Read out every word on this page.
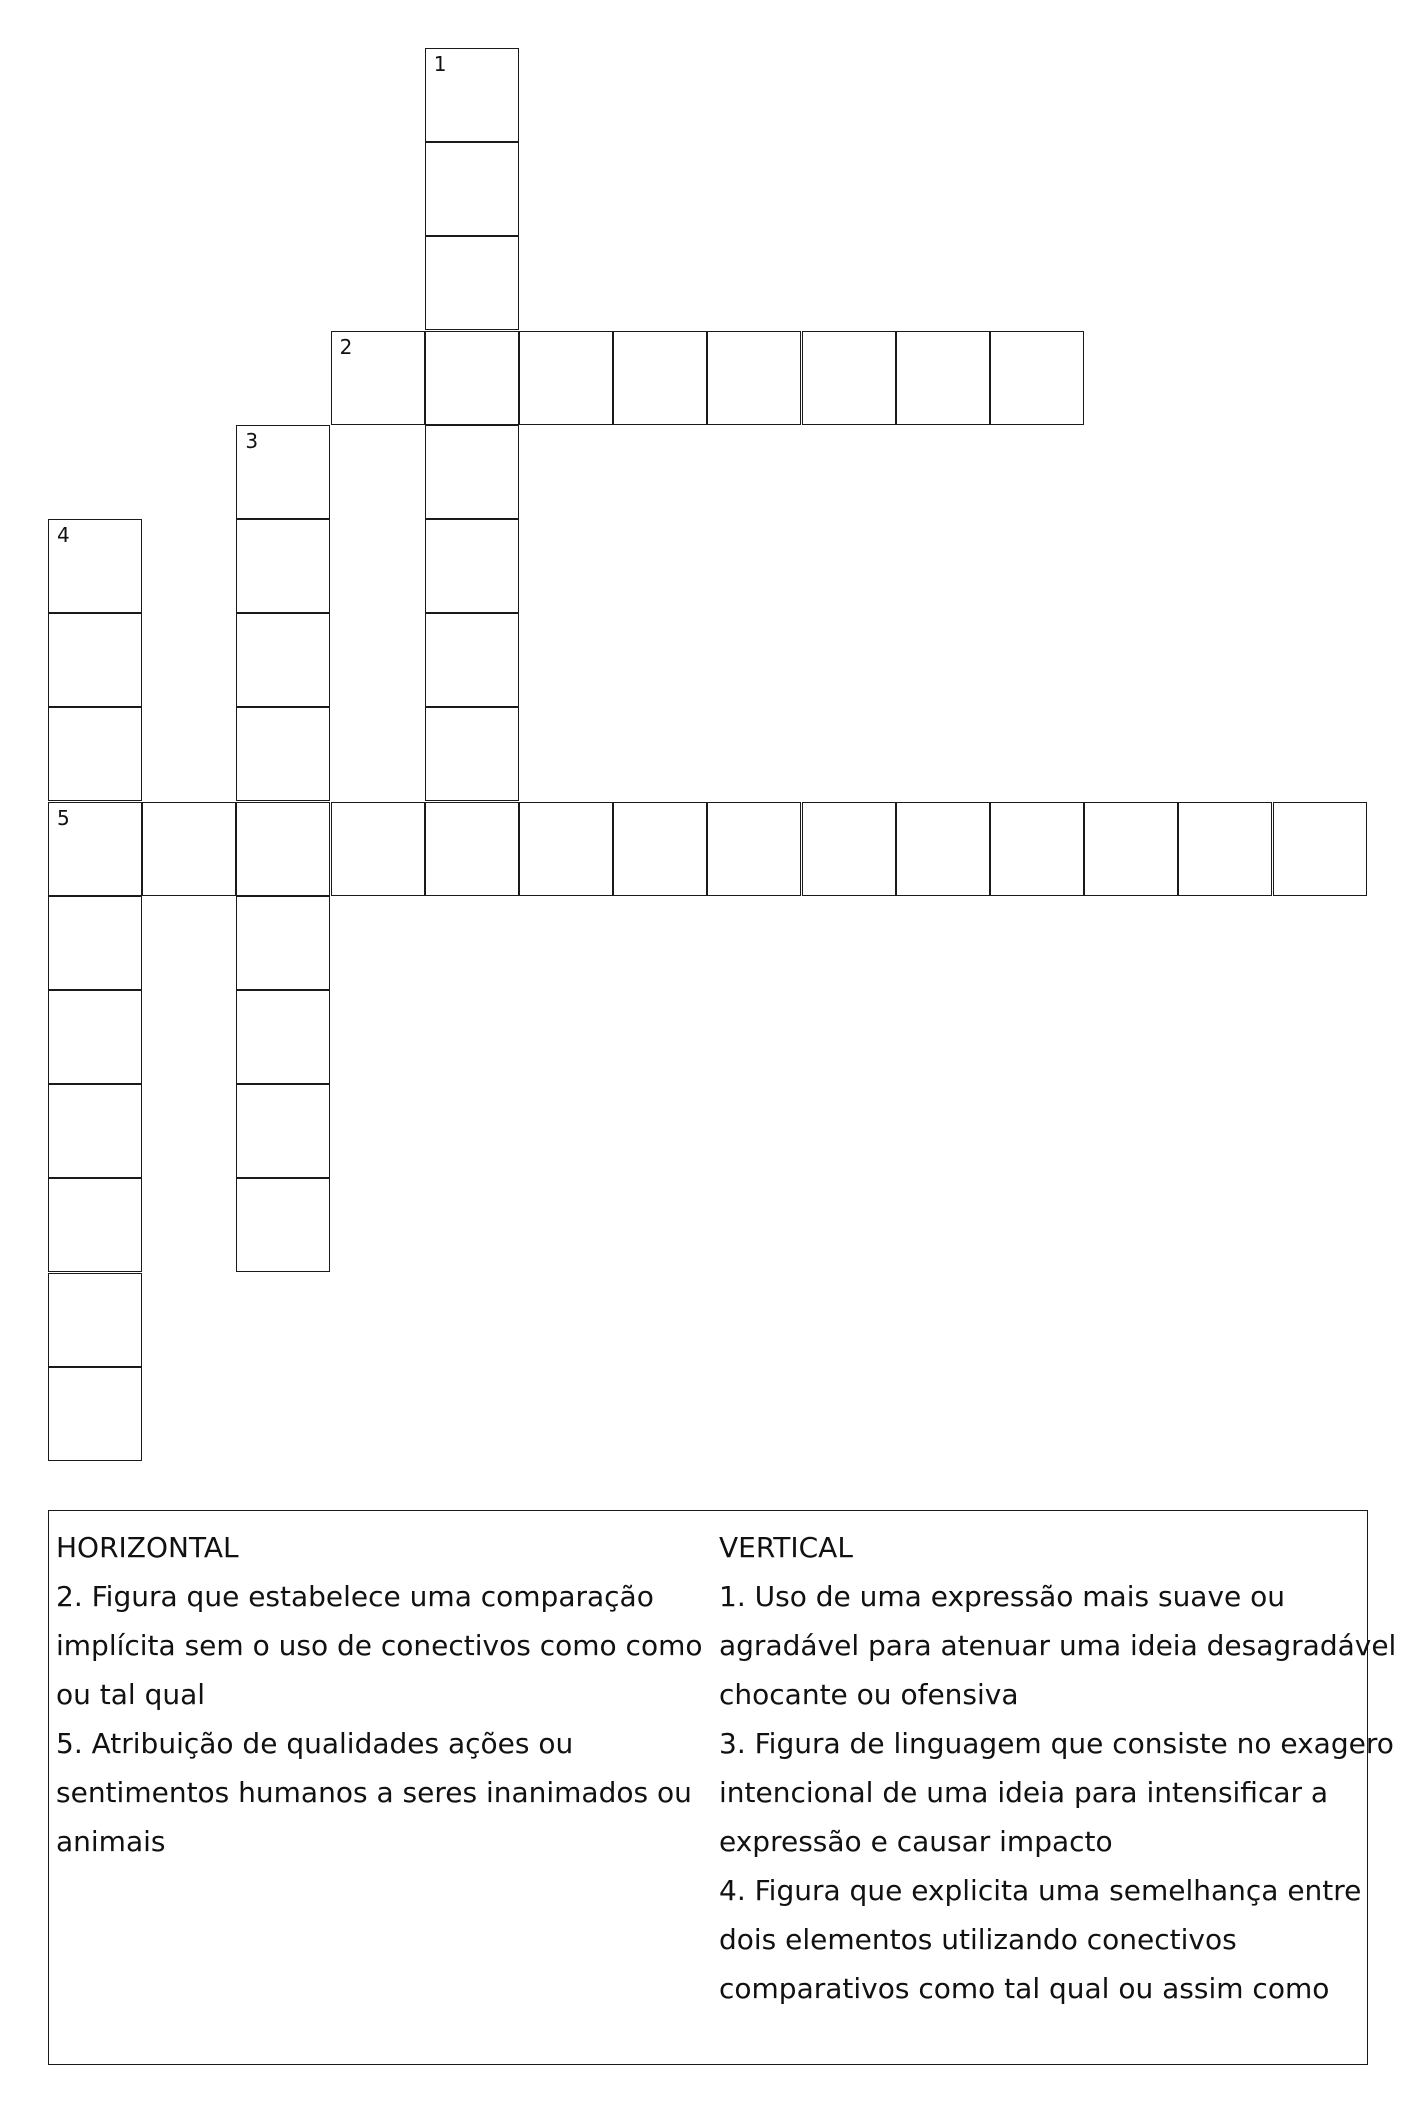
1
2
3
4
5
HORIZONTAL
2. Figura que estabelece uma comparação
implícita sem o uso de conectivos como como
ou tal qual
5. Atribuição de qualidades ações ou
sentimentos humanos a seres inanimados ou
animais
VERTICAL
1. Uso de uma expressão mais suave ou
agradável para atenuar uma ideia desagradável
chocante ou ofensiva
3. Figura de linguagem que consiste no exagero
intencional de uma ideia para intensificar a
expressão e causar impacto
4. Figura que explicita uma semelhança entre
dois elementos utilizando conectivos
comparativos como tal qual ou assim como
